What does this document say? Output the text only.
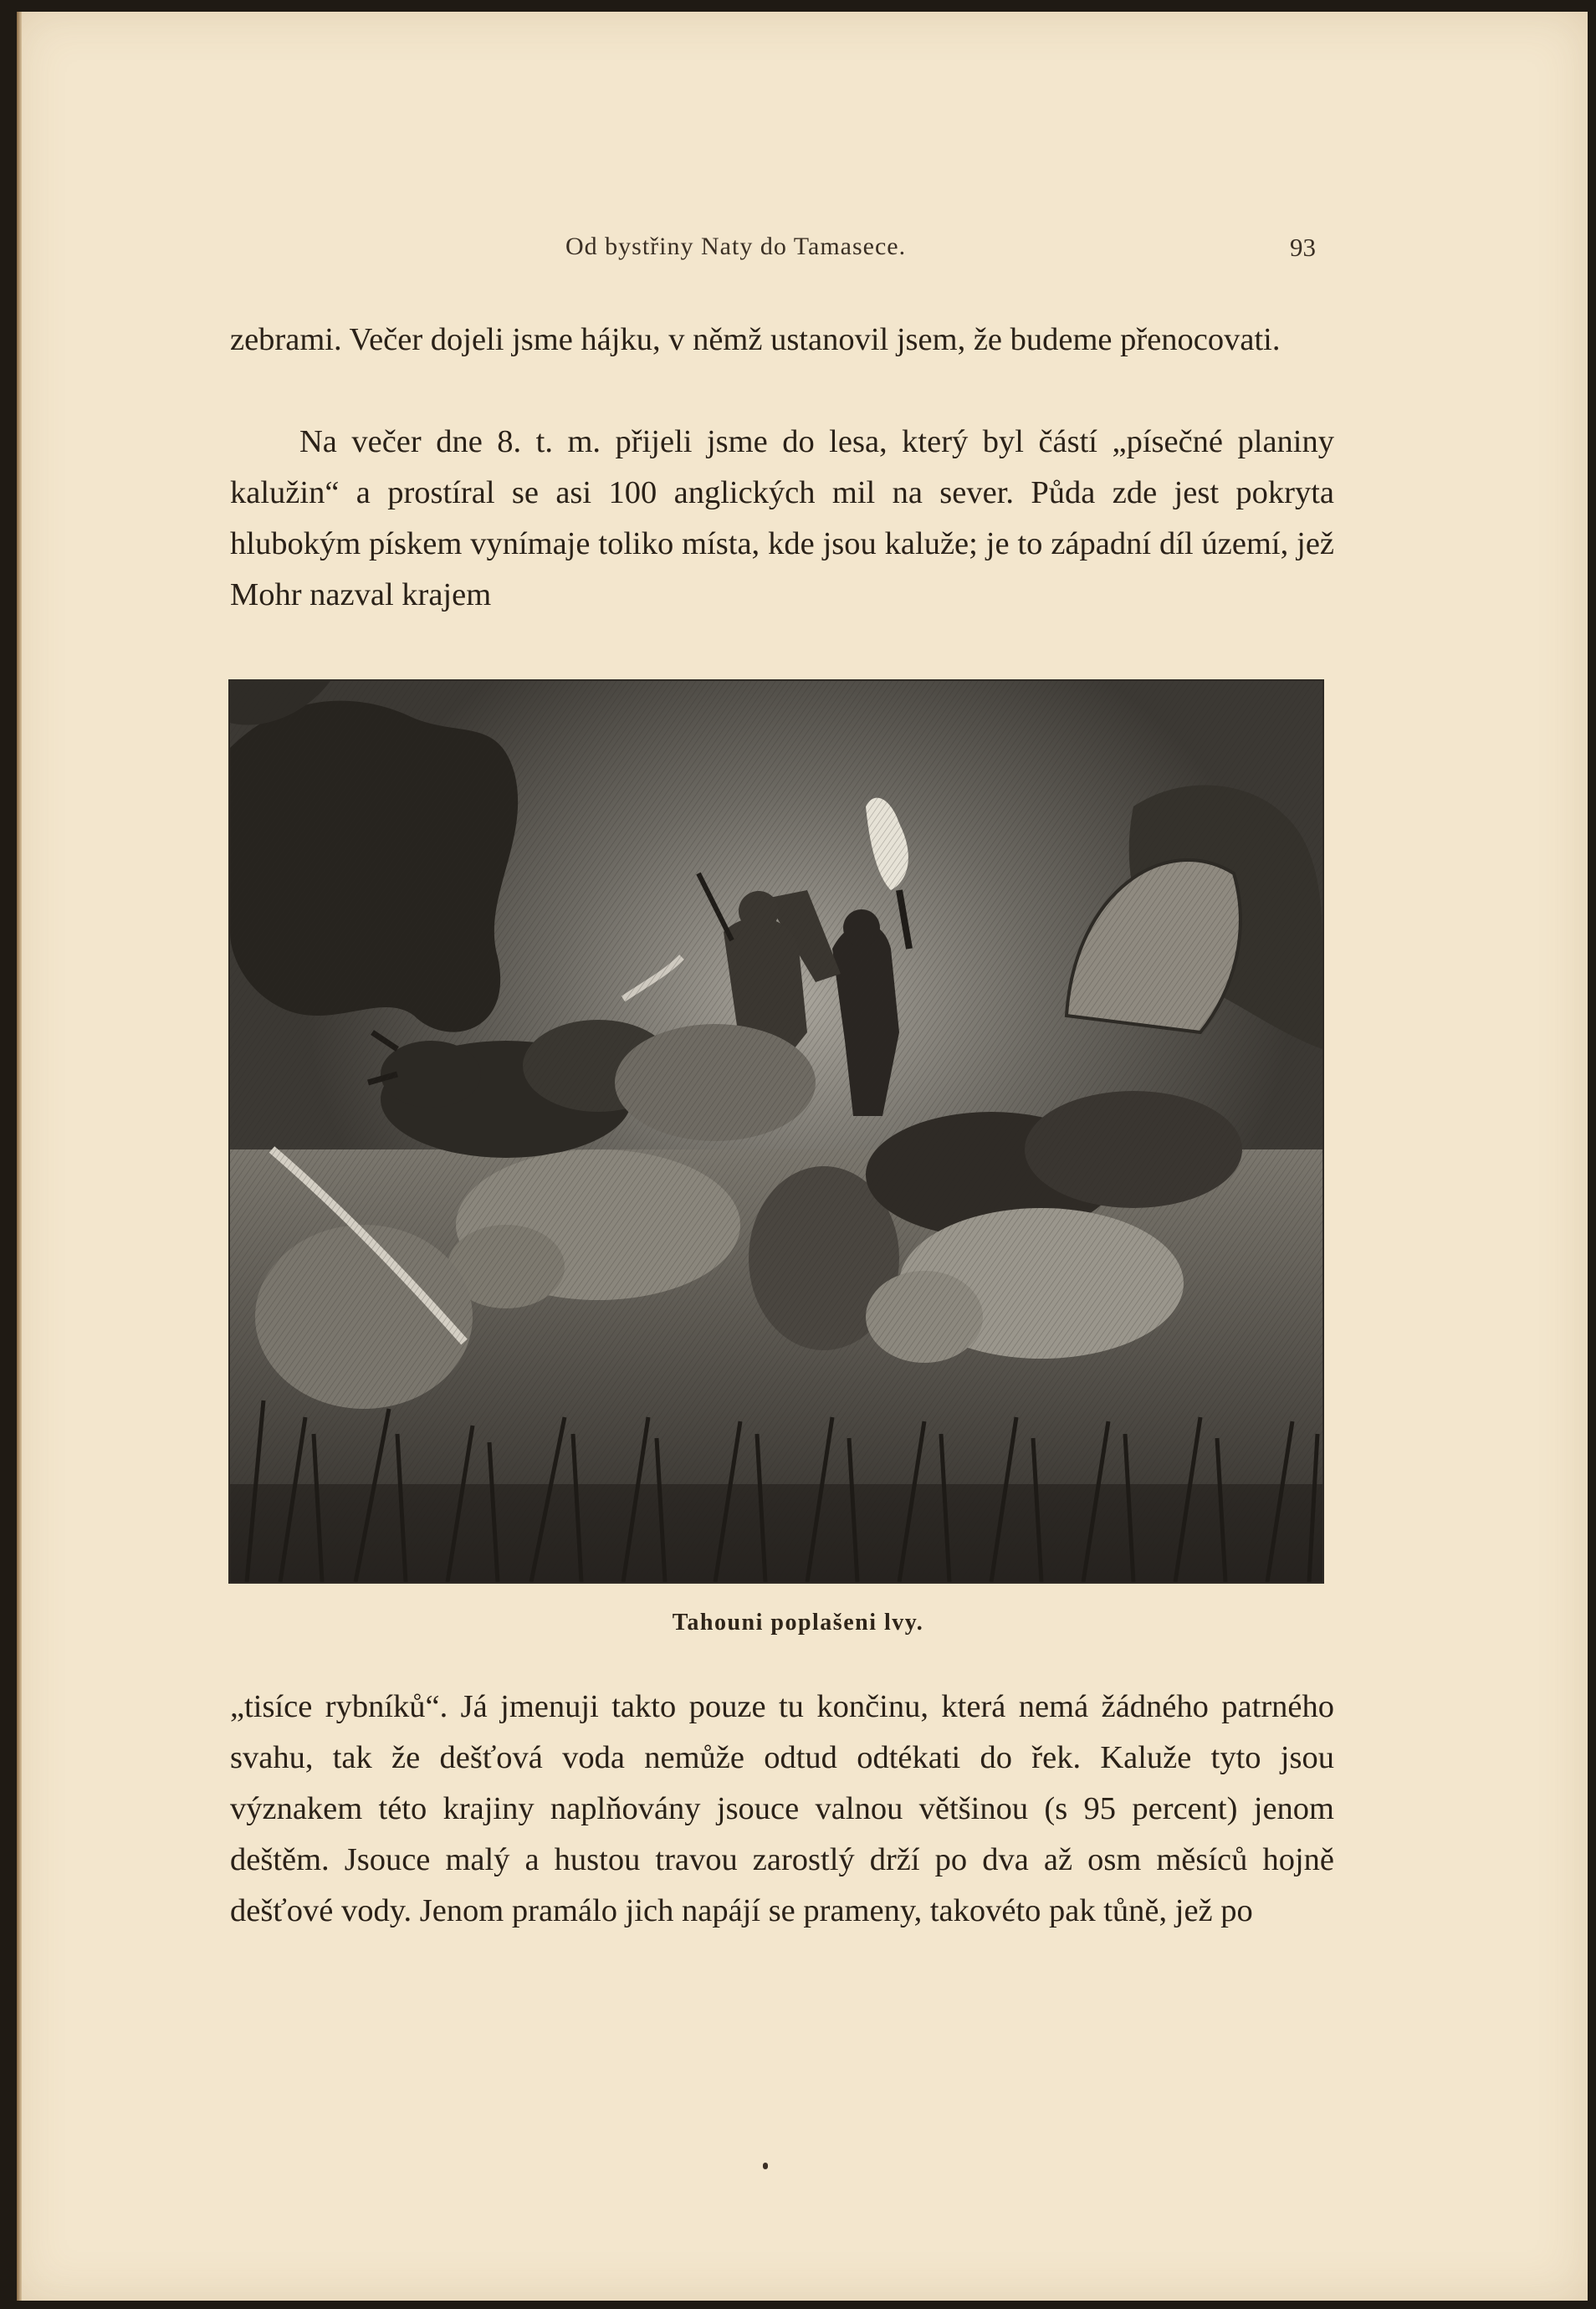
Od bystřiny Naty do Tamasece.	93

zebrami. Večer dojeli jsme hájku, v němž ustanovil jsem, že budeme přenocovati.

Na večer dne 8. t. m. přijeli jsme do lesa, který byl částí „písečné planiny kalužin“ a prostíral se asi 100 anglických mil na sever. Půda zde jest pokryta hlubokým pískem vynímaje toliko místa, kde jsou kaluže; je to západní díl území, jež Mohr nazval krajem

Tahouni poplašeni lvy.

„tisíce rybníků“. Já jmenuji takto pouze tu končinu, která nemá žádného patrného svahu, tak že dešťová voda nemůže odtud odtékati do řek. Kaluže tyto jsou význakem této krajiny naplňovány jsouce valnou většinou (s 95 percent) jenom deštěm. Jsouce malý a hustou travou zarostlý drží po dva až osm měsíců hojně dešťové vody. Jenom pramálo jich napájí se prameny, takovéto pak tůně, jež po
